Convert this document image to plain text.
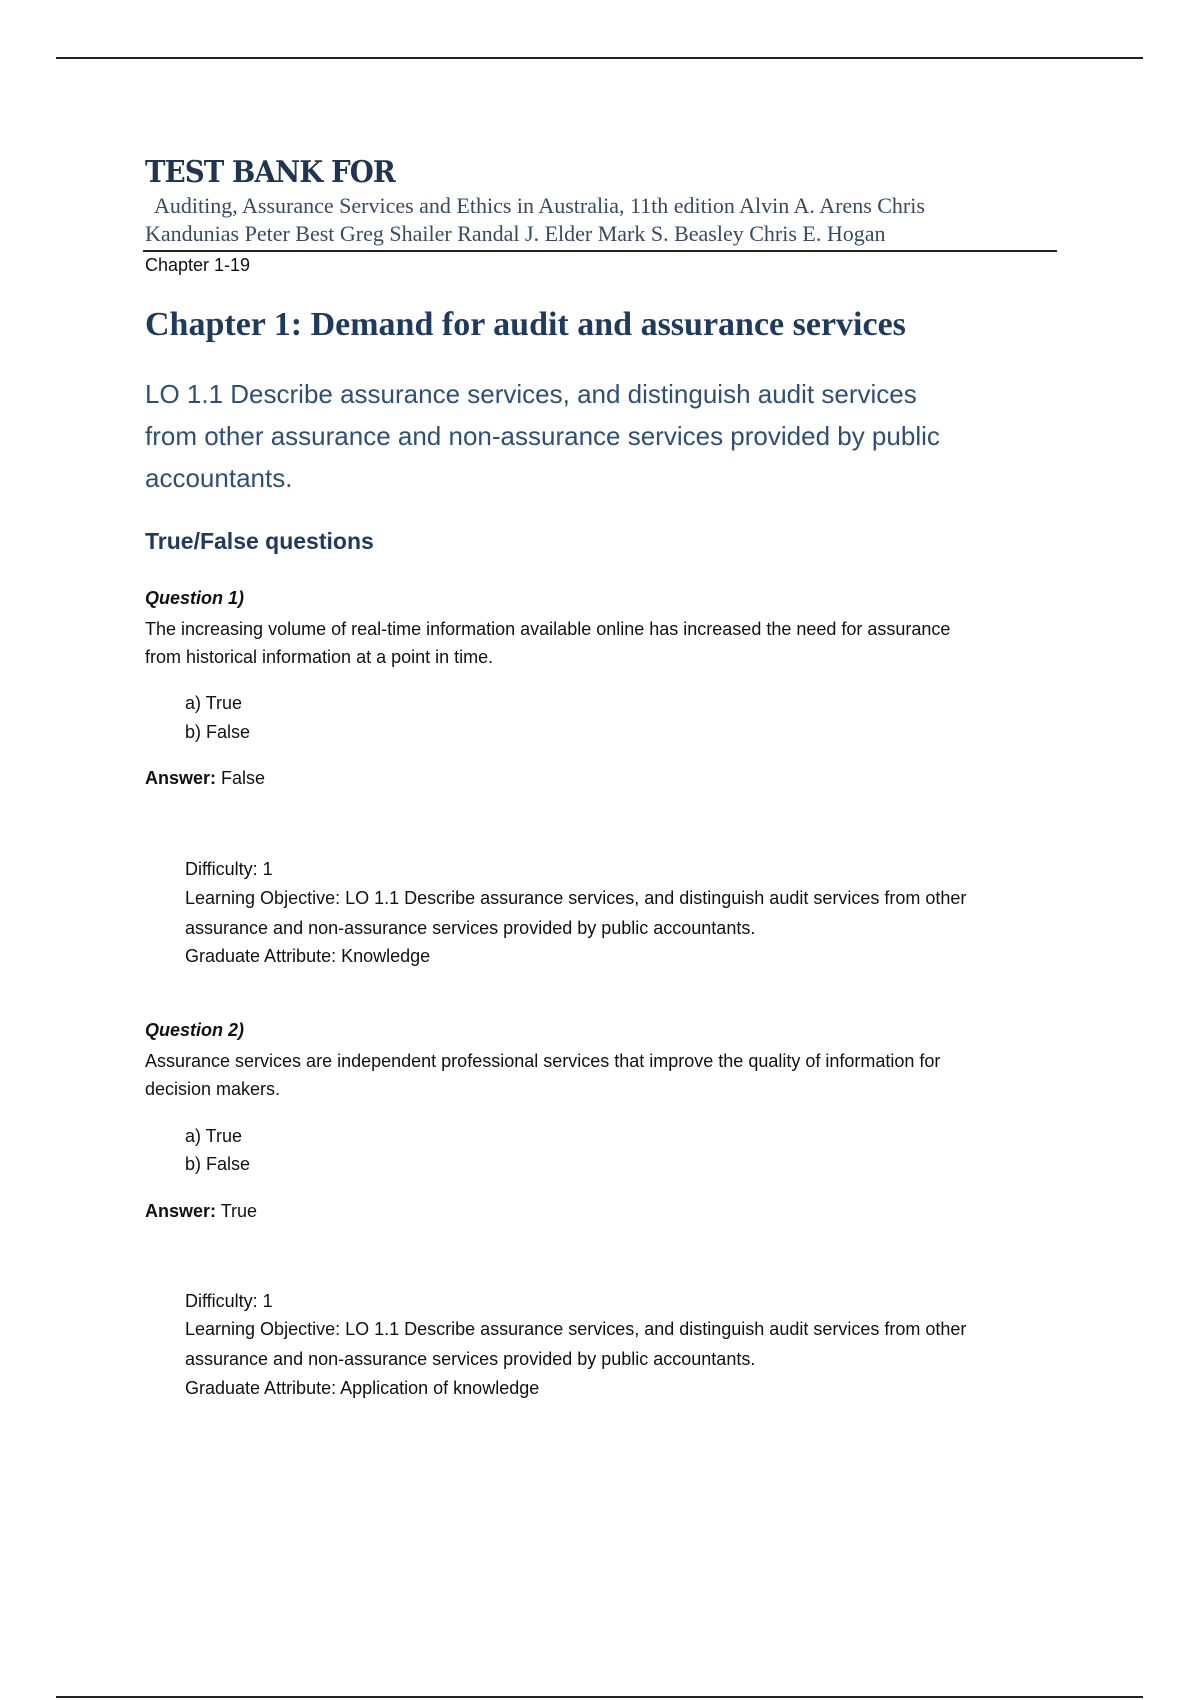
TEST BANK FOR
Auditing, Assurance Services and Ethics in Australia, 11th edition Alvin A. Arens Chris
Kandunias Peter Best Greg Shailer Randal J. Elder Mark S. Beasley Chris E. Hogan
Chapter 1-19
Chapter 1: Demand for audit and assurance services
LO 1.1 Describe assurance services, and distinguish audit services
from other assurance and non-assurance services provided by public
accountants.
True/False questions
Question 1)
The increasing volume of real-time information available online has increased the need for assurance
from historical information at a point in time.
a) True
b) False
Answer: False
Difficulty: 1
Learning Objective: LO 1.1 Describe assurance services, and distinguish audit services from other
assurance and non-assurance services provided by public accountants.
Graduate Attribute: Knowledge
Question 2)
Assurance services are independent professional services that improve the quality of information for
decision makers.
a) True
b) False
Answer: True
Difficulty: 1
Learning Objective: LO 1.1 Describe assurance services, and distinguish audit services from other
assurance and non-assurance services provided by public accountants.
Graduate Attribute: Application of knowledge
